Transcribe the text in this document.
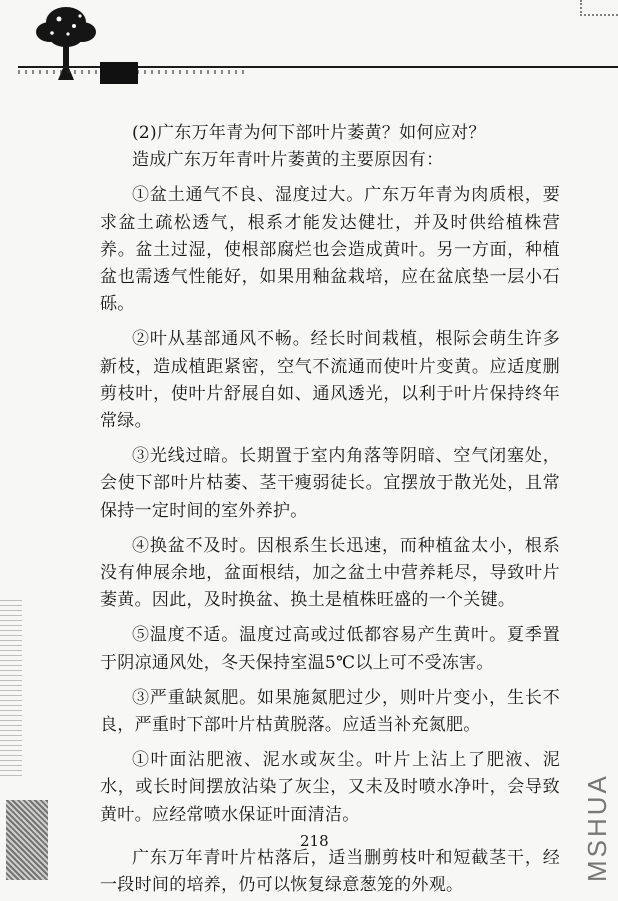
(2)广东万年青为何下部叶片萎黄？如何应对？

造成广东万年青叶片萎黄的主要原因有：

①盆土通气不良、湿度过大。广东万年青为肉质根，要求盆土疏松透气，根系才能发达健壮，并及时供给植株营养。盆土过湿，使根部腐烂也会造成黄叶。另一方面，种植盆也需透气性能好，如果用釉盆栽培，应在盆底垫一层小石砾。

②叶从基部通风不畅。经长时间栽植，根际会萌生许多新枝，造成植距紧密，空气不流通而使叶片变黄。应适度删剪枝叶，使叶片舒展自如、通风透光，以利于叶片保持终年常绿。

③光线过暗。长期置于室内角落等阴暗、空气闭塞处，会使下部叶片枯萎、茎干瘦弱徒长。宜摆放于散光处，且常保持一定时间的室外养护。

④换盆不及时。因根系生长迅速，而种植盆太小，根系没有伸展余地，盆面根结，加之盆土中营养耗尽，导致叶片萎黄。因此，及时换盆、换土是植株旺盛的一个关键。

⑤温度不适。温度过高或过低都容易产生黄叶。夏季置于阴凉通风处，冬天保持室温5℃以上可不受冻害。

③严重缺氮肥。如果施氮肥过少，则叶片变小，生长不良，严重时下部叶片枯黄脱落。应适当补充氮肥。

①叶面沾肥液、泥水或灰尘。叶片上沾上了肥液、泥水，或长时间摆放沾染了灰尘，又未及时喷水净叶，会导致黄叶。应经常喷水保证叶面清洁。

广东万年青叶片枯落后，适当删剪枝叶和短截茎干，经一段时间的培养，仍可以恢复绿意葱笼的外观。

218	MSHUA
